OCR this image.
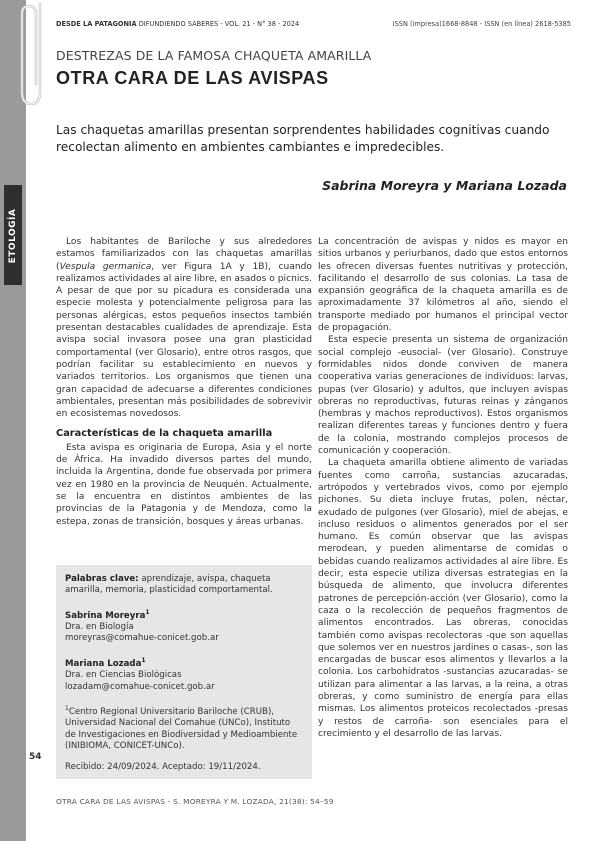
ETOLOGÍA
54
DESDE LA PATAGONIA DIFUNDIENDO SABERES - VOL. 21 - N° 38 - 2024	ISSN (impresa)1668-8848 - ISSN (en línea) 2618-5385
DESTREZAS DE LA FAMOSA CHAQUETA AMARILLA
OTRA CARA DE LAS AVISPAS
Las chaquetas amarillas presentan sorprendentes habilidades cognitivas cuando recolectan alimento en ambientes cambiantes e impredecibles.
Sabrina Moreyra y Mariana Lozada

Los habitantes de Bariloche y sus alrededores estamos familiarizados con las chaquetas amarillas (Vespula germanica, ver Figura 1A y 1B), cuando realizamos actividades al aire libre, en asados o picnics. A pesar de que por su picadura es considerada una especie molesta y potencialmente peligrosa para las personas alérgicas, estos pequeños insectos también presentan destacables cualidades de aprendizaje. Esta avispa social invasora posee una gran plasticidad comportamental (ver Glosario), entre otros rasgos, que podrían facilitar su establecimiento en nuevos y variados territorios. Los organismos que tienen una gran capacidad de adecuarse a diferentes condiciones ambientales, presentan más posibilidades de sobrevivir en ecosistemas novedosos.

Características de la chaqueta amarilla

Esta avispa es originaria de Europa, Asia y el norte de África. Ha invadido diversos partes del mundo, incluida la Argentina, donde fue observada por primera vez en 1980 en la provincia de Neuquén. Actualmente, se la encuentra en distintos ambientes de las provincias de la Patagonia y de Mendoza, como la estepa, zonas de transición, bosques y áreas urbanas.

Palabras clave: aprendizaje, avispa, chaqueta amarilla, memoria, plasticidad comportamental.
Sabrina Moreyra$^1$
Dra. en Biología
moreyras@comahue-conicet.gob.ar
Mariana Lozada$^1$
Dra. en Ciencias Biológicas
lozadam@comahue-conicet.gob.ar
$^1$Centro Regional Universitario Bariloche (CRUB), Universidad Nacional del Comahue (UNCo), Instituto de Investigaciones en Biodiversidad y Medioambiente (INIBIOMA, CONICET-UNCo).
Recibido: 24/09/2024. Aceptado: 19/11/2024.

La concentración de avispas y nidos es mayor en sitios urbanos y periurbanos, dado que estos entornos les ofrecen diversas fuentes nutritivas y protección, facilitando el desarrollo de sus colonias. La tasa de expansión geográfica de la chaqueta amarilla es de aproximadamente 37 kilómetros al año, siendo el transporte mediado por humanos el principal vector de propagación.

Esta especie presenta un sistema de organización social complejo -eusocial- (ver Glosario). Construye formidables nidos donde conviven de manera cooperativa varias generaciones de individuos: larvas, pupas (ver Glosario) y adultos, que incluyen avispas obreras no reproductivas, futuras reinas y zánganos (hembras y machos reproductivos). Estos organismos realizan diferentes tareas y funciones dentro y fuera de la colonia, mostrando complejos procesos de comunicación y cooperación.

La chaqueta amarilla obtiene alimento de variadas fuentes como carroña, sustancias azucaradas, artrópodos y vertebrados vivos, como por ejemplo pichones. Su dieta incluye frutas, polen, néctar, exudado de pulgones (ver Glosario), miel de abejas, e incluso residuos o alimentos generados por el ser humano. Es común observar que las avispas merodean, y pueden alimentarse de comidas o bebidas cuando realizamos actividades al aire libre. Es decir, esta especie utiliza diversas estrategias en la búsqueda de alimento, que involucra diferentes patrones de percepción-acción (ver Glosario), como la caza o la recolección de pequeños fragmentos de alimentos encontrados. Las obreras, conocidas también como avispas recolectoras -que son aquellas que solemos ver en nuestros jardines o casas-, son las encargadas de buscar esos alimentos y llevarlos a la colonia. Los carbohidratos -sustancias azucaradas- se utilizan para alimentar a las larvas, a la reina, a otras obreras, y como suministro de energía para ellas mismas. Los alimentos proteicos recolectados -presas y restos de carroña- son esenciales para el crecimiento y el desarrollo de las larvas.

OTRA CARA DE LAS AVISPAS - S. MOREYRA Y M. LOZADA, 21(38): 54–59
